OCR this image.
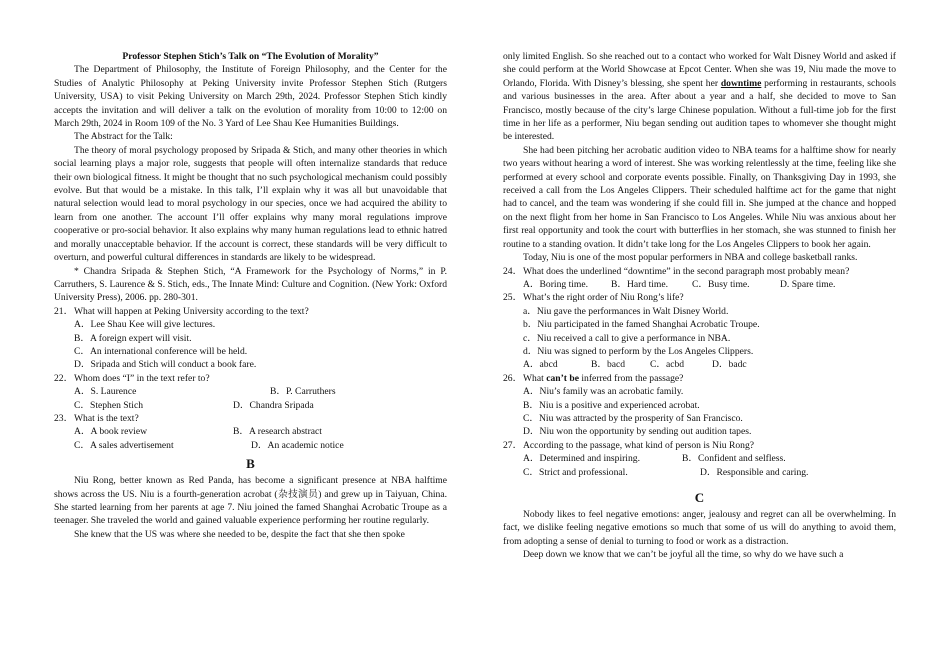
Professor Stephen Stich’s Talk on “The Evolution of Morality”

The Department of Philosophy, the Institute of Foreign Philosophy, and the Center for the Studies of Analytic Philosophy at Peking University invite Professor Stephen Stich (Rutgers University, USA) to visit Peking University on March 29th, 2024. Professor Stephen Stich kindly accepts the invitation and will deliver a talk on the evolution of morality from 10:00 to 12:00 on March 29th, 2024 in Room 109 of the No. 3 Yard of Lee Shau Kee Humanities Buildings.

The Abstract for the Talk:

The theory of moral psychology proposed by Sripada & Stich, and many other theories in which social learning plays a major role, suggests that people will often internalize standards that reduce their own biological fitness. It might be thought that no such psychological mechanism could possibly evolve. But that would be a mistake. In this talk, I’ll explain why it was all but unavoidable that natural selection would lead to moral psychology in our species, once we had acquired the ability to learn from one another. The account I’ll offer explains why many moral regulations improve cooperative or pro-social behavior. It also explains why many human regulations lead to ethnic hatred and morally unacceptable behavior. If the account is correct, these standards will be very difficult to overturn, and powerful cultural differences in standards are likely to be widespread.

* Chandra Sripada & Stephen Stich, “A Framework for the Psychology of Norms,” in P. Carruthers, S. Laurence & S. Stich, eds., The Innate Mind: Culture and Cognition. (New York: Oxford University Press), 2006. pp. 280-301.

21． What will happen at Peking University according to the text?
A．Lee Shau Kee will give lectures.
B．A foreign expert will visit.
C．An international conference will be held.
D．Sripada and Stich will conduct a book fare.
22． Whom does “I” in the text refer to?
A．S. Laurence	B．P. Carruthers
C．Stephen Stich	D．Chandra Sripada
23． What is the text?
A．A book review	B．A research abstract
C．A sales advertisement	D．An academic notice
B

Niu Rong, better known as Red Panda, has become a significant presence at NBA halftime shows across the US. Niu is a fourth-generation acrobat (杂技演员) and grew up in Taiyuan, China. She started learning from her parents at age 7. Niu joined the famed Shanghai Acrobatic Troupe as a teenager. She traveled the world and gained valuable experience performing her routine regularly.

She knew that the US was where she needed to be, despite the fact that she then spoke

only limited English. So she reached out to a contact who worked for Walt Disney World and asked if she could perform at the World Showcase at Epcot Center. When she was 19, Niu made the move to Orlando, Florida. With Disney’s blessing, she spent her downtime performing in restaurants, schools and various businesses in the area. After about a year and a half, she decided to move to San Francisco, mostly because of the city’s large Chinese population. Without a full-time job for the first time in her life as a performer, Niu began sending out audition tapes to whomever she thought might be interested.

She had been pitching her acrobatic audition video to NBA teams for a halftime show for nearly two years without hearing a word of interest. She was working relentlessly at the time, feeling like she performed at every school and corporate events possible. Finally, on Thanksgiving Day in 1993, she received a call from the Los Angeles Clippers. Their scheduled halftime act for the game that night had to cancel, and the team was wondering if she could fill in. She jumped at the chance and hopped on the next flight from her home in San Francisco to Los Angeles. While Niu was anxious about her first real opportunity and took the court with butterflies in her stomach, she was stunned to finish her routine to a standing ovation. It didn’t take long for the Los Angeles Clippers to book her again.

Today, Niu is one of the most popular performers in NBA and college basketball ranks.

24． What does the underlined “downtime” in the second paragraph most probably mean?
A．Boring time.	B．Hard time.	C．Busy time.	D. Spare time.
25． What’s the right order of Niu Rong’s life?
a．Niu gave the performances in Walt Disney World.
b．Niu participated in the famed Shanghai Acrobatic Troupe.
c．Niu received a call to give a performance in NBA.
d．Niu was signed to perform by the Los Angeles Clippers.
A．abcd	B．bacd	C．acbd	D．badc
26． What can’t be inferred from the passage?
A．Niu’s family was an acrobatic family.
B．Niu is a positive and experienced acrobat.
C．Niu was attracted by the prosperity of San Francisco.
D．Niu won the opportunity by sending out audition tapes.
27． According to the passage, what kind of person is Niu Rong?
A．Determined and inspiring.	B．Confident and selfless.
C．Strict and professional.	D．Responsible and caring.
C

Nobody likes to feel negative emotions: anger, jealousy and regret can all be overwhelming. In fact, we dislike feeling negative emotions so much that some of us will do anything to avoid them, from adopting a sense of denial to turning to food or work as a distraction.

Deep down we know that we can’t be joyful all the time, so why do we have such a
